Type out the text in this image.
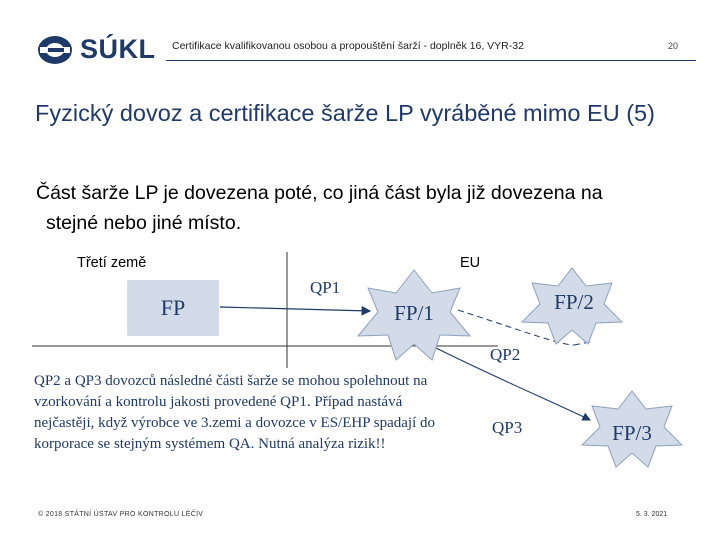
SÚKL Certifikace kvalifikovanou osobou a propouštění šarží - doplněk 16, VYR-32	20
Fyzický dovoz a certifikace šarže LP vyráběné mimo EU (5)
Část šarže LP je dovezena poté, co jiná část byla již dovezena na
stejné nebo jiné místo.
Třetí země	EU
FP
QP1
FP/1	FP/2
QP2
QP3	FP/3
QP2 a QP3 dovozců následné části šarže se mohou spolehnout na vzorkování a kontrolu jakosti provedené QP1. Případ nastává nejčastěji, když výrobce ve 3.zemi a dovozce v ES/EHP spadají do korporace se stejným systémem QA. Nutná analýza rizik!!
© 2018 STÁTNÍ ÚSTAV PRO KONTROLU LÉČIV	5. 3. 2021
